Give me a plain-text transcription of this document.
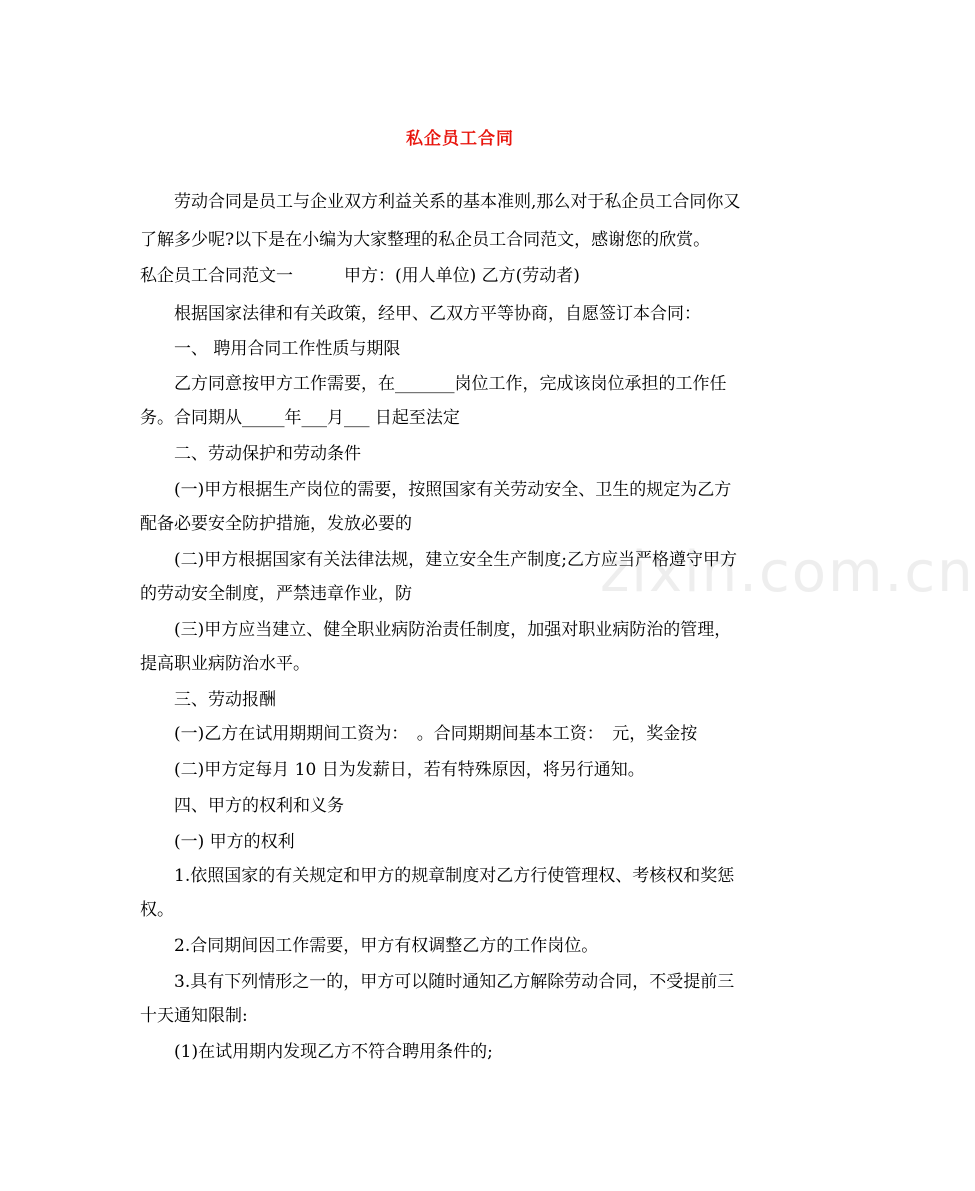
zixin.com.cn
私企员工合同
劳动合同是员工与企业双方利益关系的基本准则,那么对于私企员工合同你又
了解多少呢?以下是在小编为大家整理的私企员工合同范文，感谢您的欣赏。
私企员工合同范文一　　　甲方：(用人单位) 乙方(劳动者)
根据国家法律和有关政策，经甲、乙双方平等协商，自愿签订本合同：
一、 聘用合同工作性质与期限
乙方同意按甲方工作需要，在_______岗位工作，完成该岗位承担的工作任
务。合同期从_____年___月___ 日起至法定
二、劳动保护和劳动条件
(一)甲方根据生产岗位的需要，按照国家有关劳动安全、卫生的规定为乙方
配备必要安全防护措施，发放必要的
(二)甲方根据国家有关法律法规，建立安全生产制度;乙方应当严格遵守甲方
的劳动安全制度，严禁违章作业，防
(三)甲方应当建立、健全职业病防治责任制度，加强对职业病防治的管理，
提高职业病防治水平。
三、劳动报酬
(一)乙方在试用期期间工资为：　。合同期期间基本工资：　元，奖金按
(二)甲方定每月 10 日为发薪日，若有特殊原因，将另行通知。
四、甲方的权利和义务
(一) 甲方的权利
1.依照国家的有关规定和甲方的规章制度对乙方行使管理权、考核权和奖惩
权。
2.合同期间因工作需要，甲方有权调整乙方的工作岗位。
3.具有下列情形之一的，甲方可以随时通知乙方解除劳动合同，不受提前三
十天通知限制:
(1)在试用期内发现乙方不符合聘用条件的;
